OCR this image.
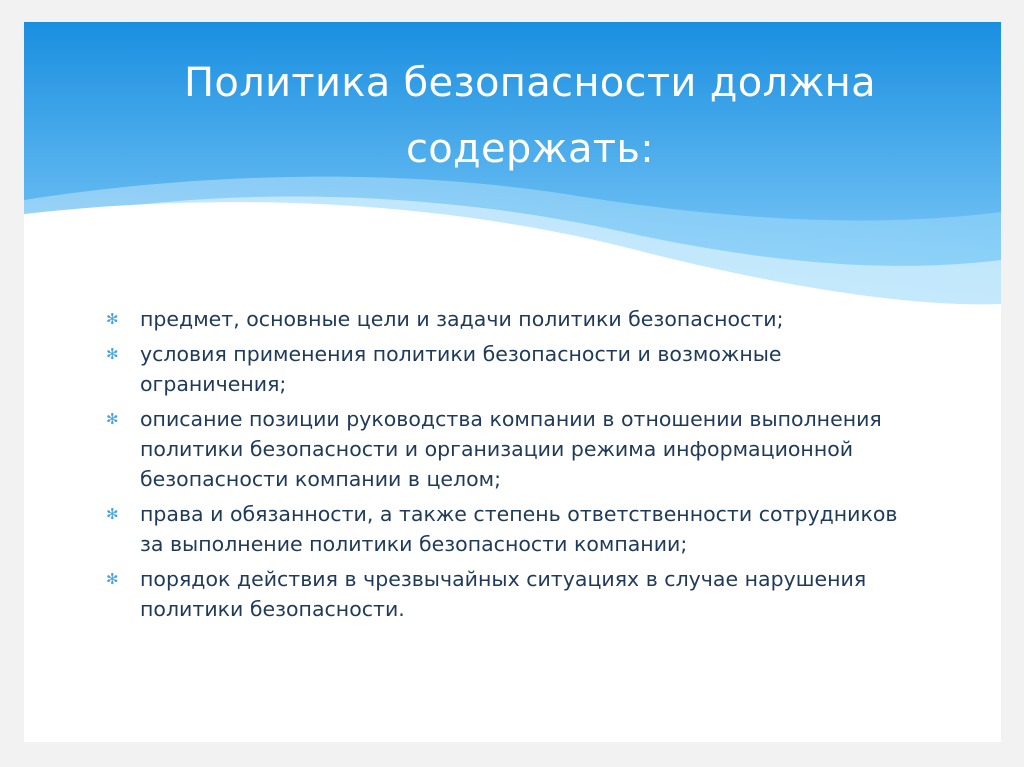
Политика безопасности должна содержать:
✻	предмет, основные цели и задачи политики безопасности;
✻	условия применения политики безопасности и возможные ограничения;
✻	описание позиции руководства компании в отношении выполнения политики безопасности и организации режима информационной безопасности компании в целом;
✻	права и обязанности, а также степень ответственности сотрудников за выполнение политики безопасности компании;
✻	порядок действия в чрезвычайных ситуациях в случае нарушения политики безопасности.
